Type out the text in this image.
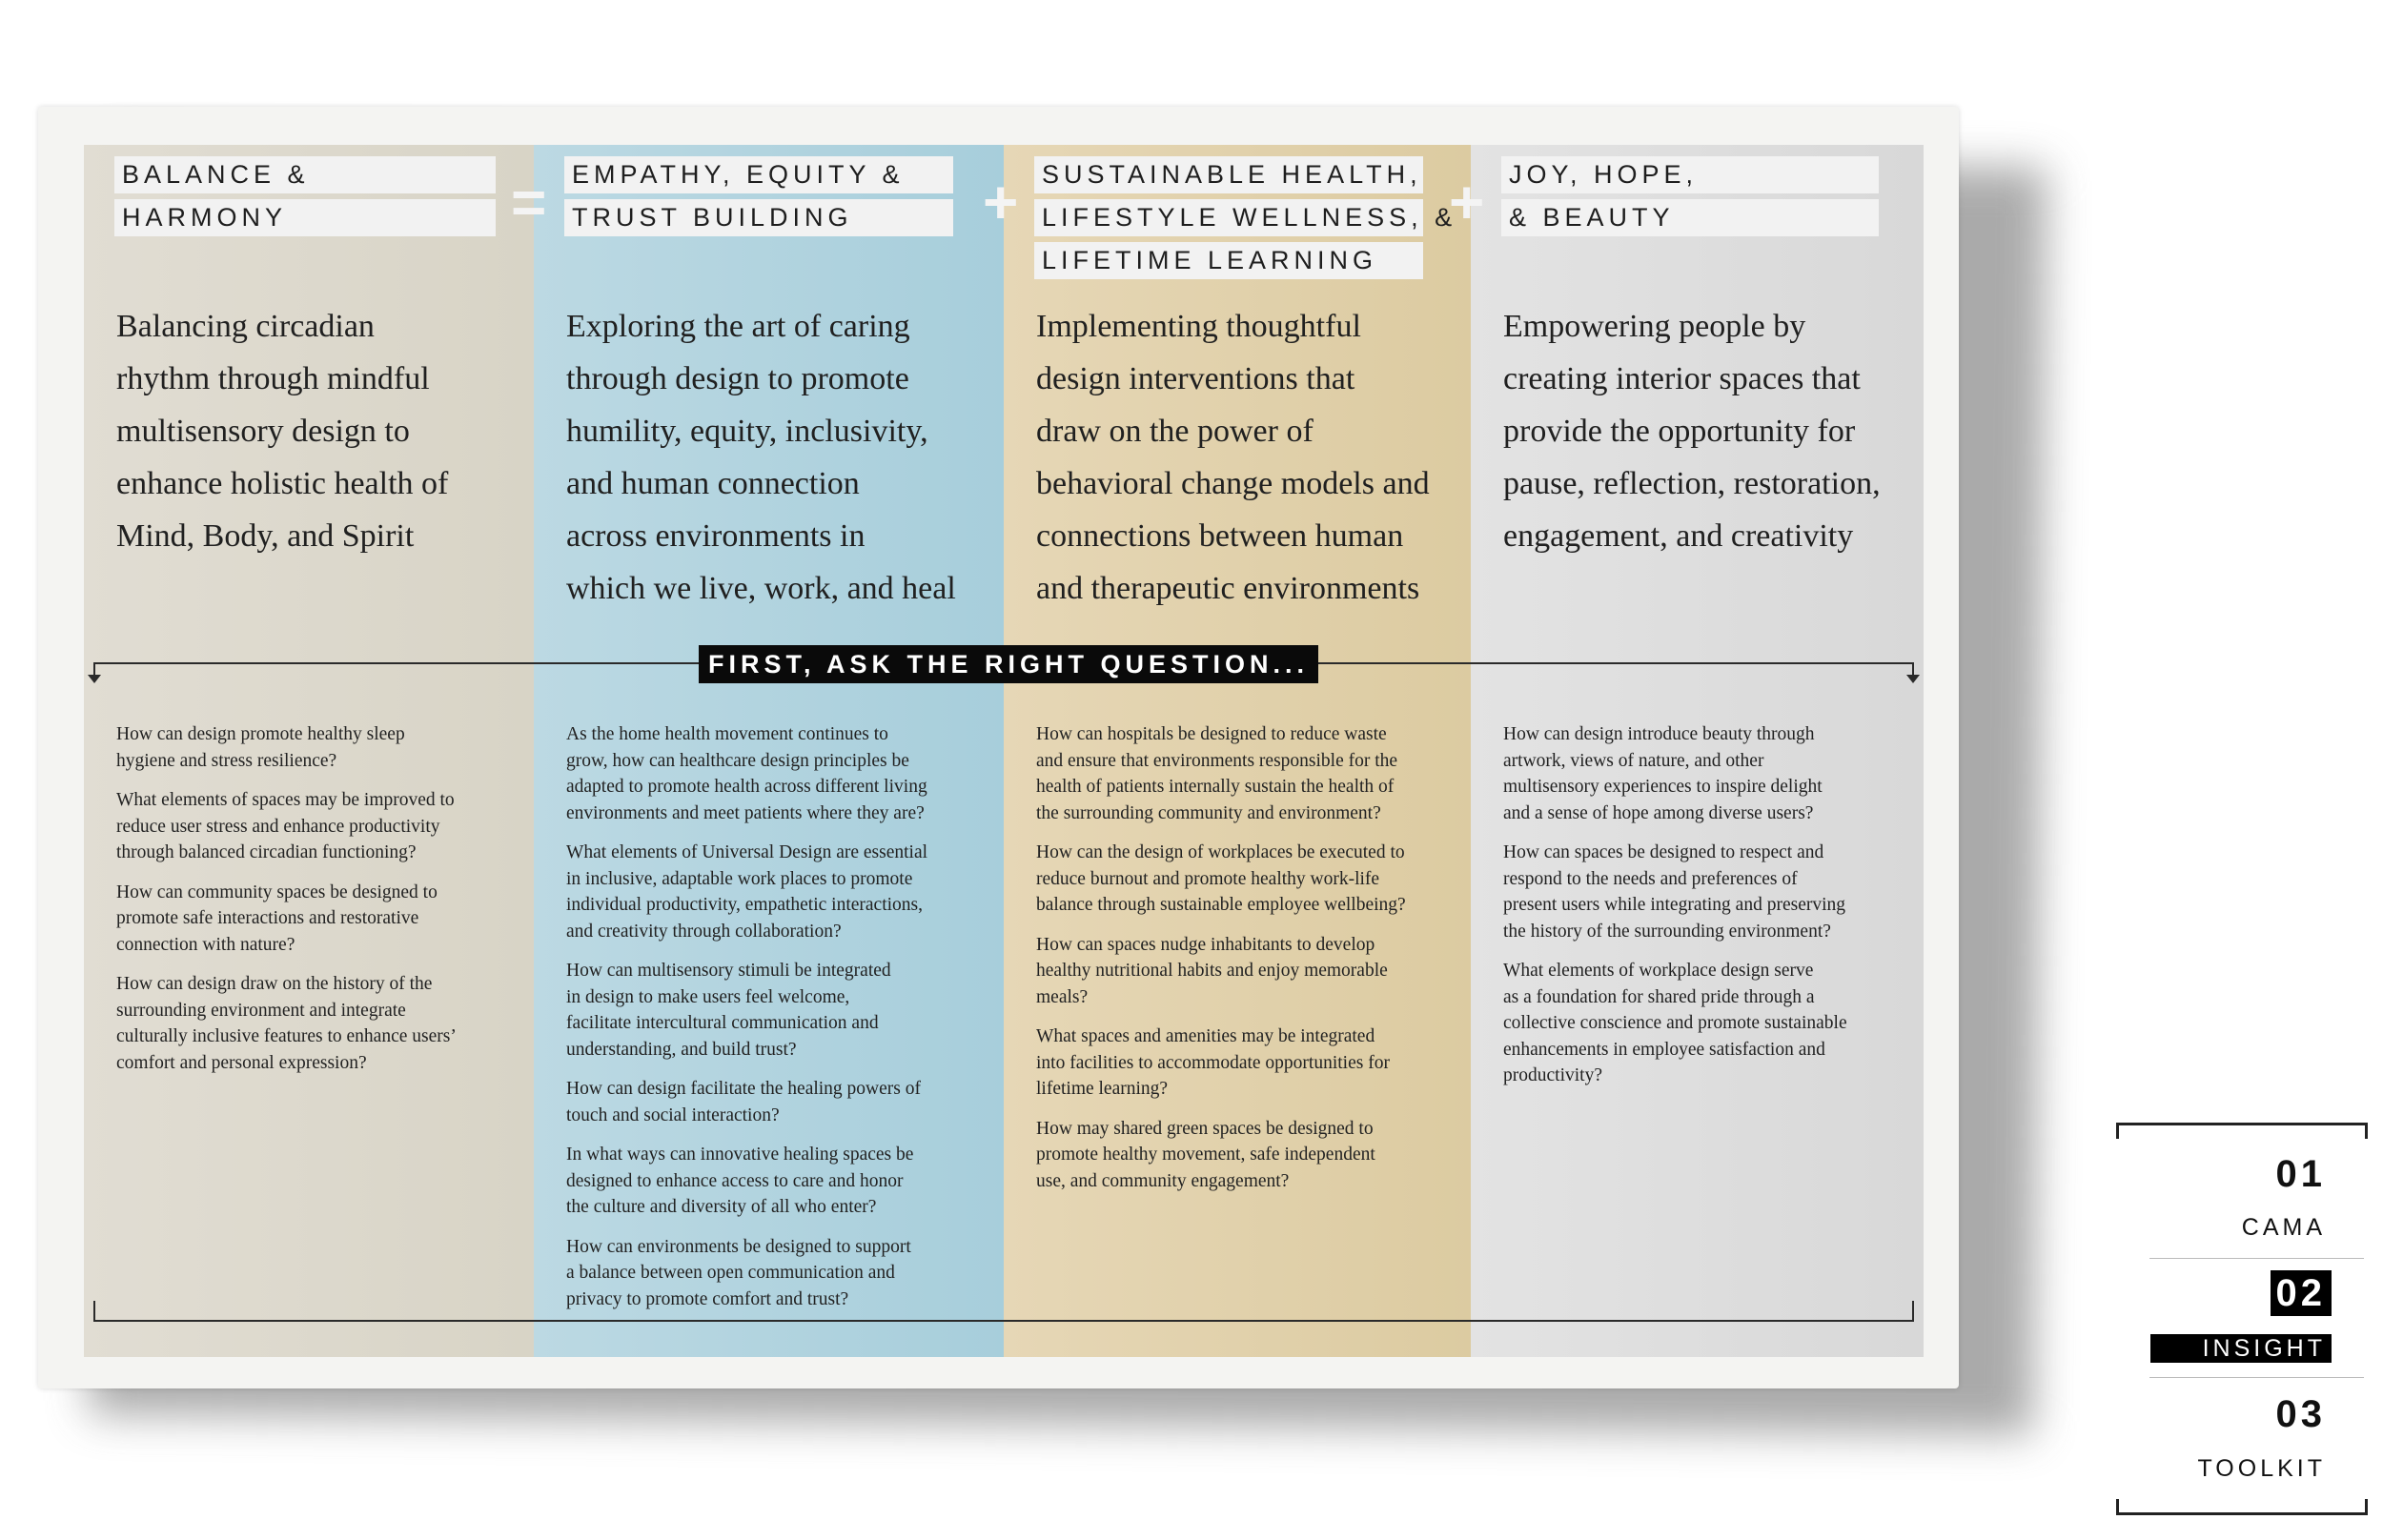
BALANCE &
HARMONY
Balancing circadian
rhythm through mindful
multisensory design to
enhance holistic health of
Mind, Body, and Spirit
How can design promote healthy sleep
hygiene and stress resilience?
What elements of spaces may be improved to
reduce user stress and enhance productivity
through balanced circadian functioning?
How can community spaces be designed to
promote safe interactions and restorative
connection with nature?
How can design draw on the history of the
surrounding environment and integrate
culturally inclusive features to enhance users’
comfort and personal expression?
EMPATHY, EQUITY &
TRUST BUILDING
Exploring the art of caring
through design to promote
humility, equity, inclusivity,
and human connection
across environments in
which we live, work, and heal
As the home health movement continues to
grow, how can healthcare design principles be
adapted to promote health across different living
environments and meet patients where they are?
What elements of Universal Design are essential
in inclusive, adaptable work places to promote
individual productivity, empathetic interactions,
and creativity through collaboration?
How can multisensory stimuli be integrated
in design to make users feel welcome,
facilitate intercultural communication and
understanding, and build trust?
How can design facilitate the healing powers of
touch and social interaction?
In what ways can innovative healing spaces be
designed to enhance access to care and honor
the culture and diversity of all who enter?
How can environments be designed to support
a balance between open communication and
privacy to promote comfort and trust?
SUSTAINABLE HEALTH,
LIFESTYLE WELLNESS, &
LIFETIME LEARNING
Implementing thoughtful
design interventions that
draw on the power of
behavioral change models and
connections between human
and therapeutic environments
How can hospitals be designed to reduce waste
and ensure that environments responsible for the
health of patients internally sustain the health of
the surrounding community and environment?
How can the design of workplaces be executed to
reduce burnout and promote healthy work-life
balance through sustainable employee wellbeing?
How can spaces nudge inhabitants to develop
healthy nutritional habits and enjoy memorable
meals?
What spaces and amenities may be integrated
into facilities to accommodate opportunities for
lifetime learning?
How may shared green spaces be designed to
promote healthy movement, safe independent
use, and community engagement?
JOY, HOPE,
& BEAUTY
Empowering people by
creating interior spaces that
provide the opportunity for
pause, reflection, restoration,
engagement, and creativity
How can design introduce beauty through
artwork, views of nature, and other
multisensory experiences to inspire delight
and a sense of hope among diverse users?
How can spaces be designed to respect and
respond to the needs and preferences of
present users while integrating and preserving
the history of the surrounding environment?
What elements of workplace design serve
as a foundation for shared pride through a
collective conscience and promote sustainable
enhancements in employee satisfaction and
productivity?
=	+	+
FIRST, ASK THE RIGHT QUESTION...
01
CAMA
02
INSIGHT
03
TOOLKIT
